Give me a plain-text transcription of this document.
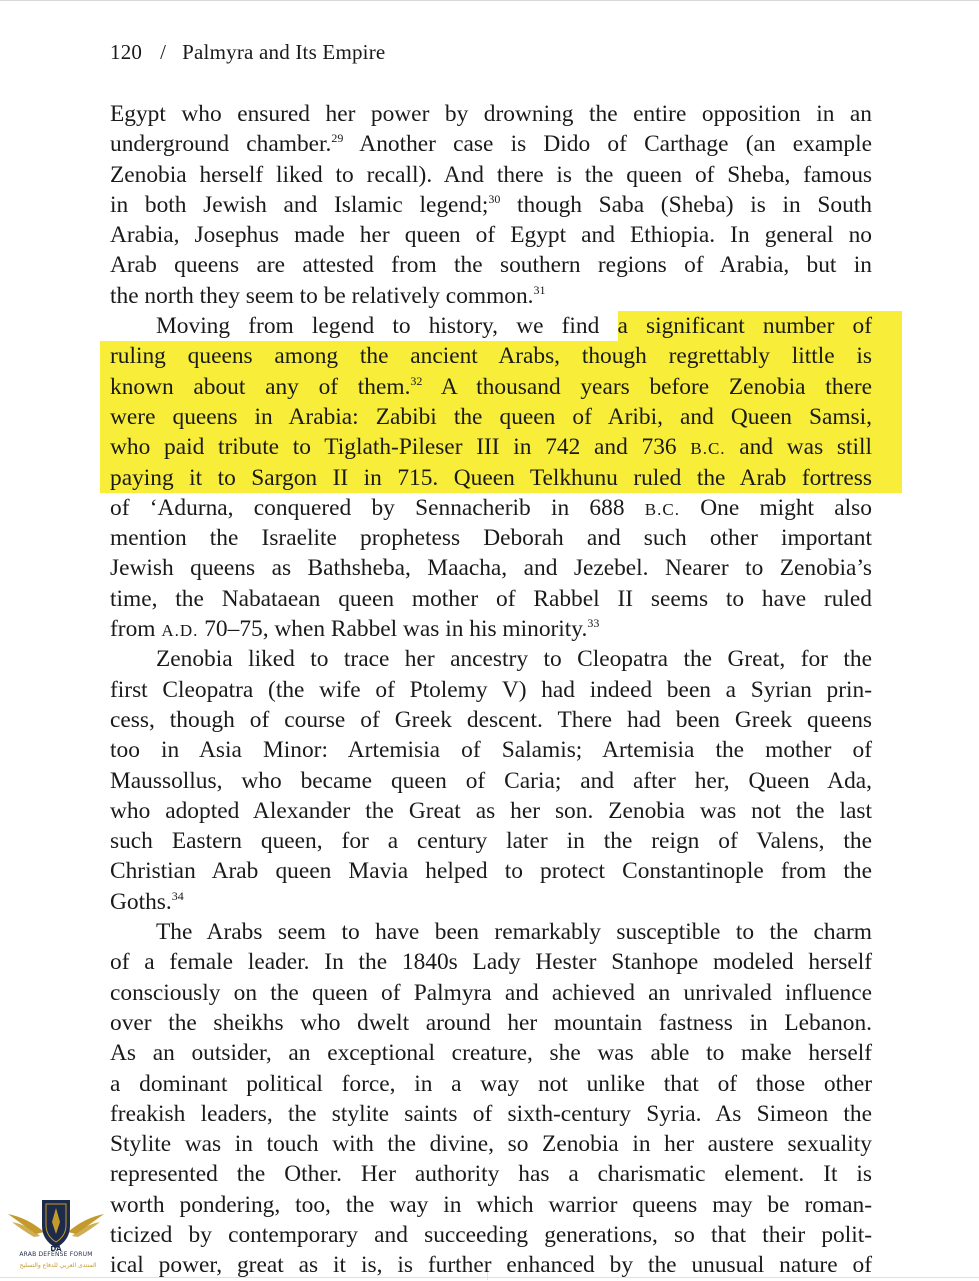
120 / Palmyra and Its Empire
Egypt who ensured her power by drowning the entire opposition in an
underground chamber.$^{29}$ Another case is Dido of Carthage (an example
Zenobia herself liked to recall). And there is the queen of Sheba, famous
in both Jewish and Islamic legend;$^{30}$ though Saba (Sheba) is in South
Arabia, Josephus made her queen of Egypt and Ethiopia. In general no
Arab queens are attested from the southern regions of Arabia, but in
the north they seem to be relatively common.$^{31}$
Moving from legend to history, we find a significant number of
ruling queens among the ancient Arabs, though regrettably little is
known about any of them.$^{32}$ A thousand years before Zenobia there
were queens in Arabia: Zabibi the queen of Aribi, and Queen Samsi,
who paid tribute to Tiglath-Pileser III in 742 and 736 B.C. and was still
paying it to Sargon II in 715. Queen Telkhunu ruled the Arab fortress
of ‘Adurna, conquered by Sennacherib in 688 B.C. One might also
mention the Israelite prophetess Deborah and such other important
Jewish queens as Bathsheba, Maacha, and Jezebel. Nearer to Zenobia’s
time, the Nabataean queen mother of Rabbel II seems to have ruled
from A.D. 70–75, when Rabbel was in his minority.$^{33}$
Zenobia liked to trace her ancestry to Cleopatra the Great, for the
first Cleopatra (the wife of Ptolemy V) had indeed been a Syrian prin-
cess, though of course of Greek descent. There had been Greek queens
too in Asia Minor: Artemisia of Salamis; Artemisia the mother of
Maussollus, who became queen of Caria; and after her, Queen Ada,
who adopted Alexander the Great as her son. Zenobia was not the last
such Eastern queen, for a century later in the reign of Valens, the
Christian Arab queen Mavia helped to protect Constantinople from the
Goths.$^{34}$
The Arabs seem to have been remarkably susceptible to the charm
of a female leader. In the 1840s Lady Hester Stanhope modeled herself
consciously on the queen of Palmyra and achieved an unrivaled influence
over the sheikhs who dwelt around her mountain fastness in Lebanon.
As an outsider, an exceptional creature, she was able to make herself
a dominant political force, in a way not unlike that of those other
freakish leaders, the stylite saints of sixth-century Syria. As Simeon the
Stylite was in touch with the divine, so Zenobia in her austere sexuality
represented the Other. Her authority has a charismatic element. It is
worth pondering, too, the way in which warrior queens may be roman-
ticized by contemporary and succeeding generations, so that their polit-
ical power, great as it is, is further enhanced by the unusual nature of
DA
ARAB DEFENSE FORUM
المنتدى العربي للدفاع والتسليح
